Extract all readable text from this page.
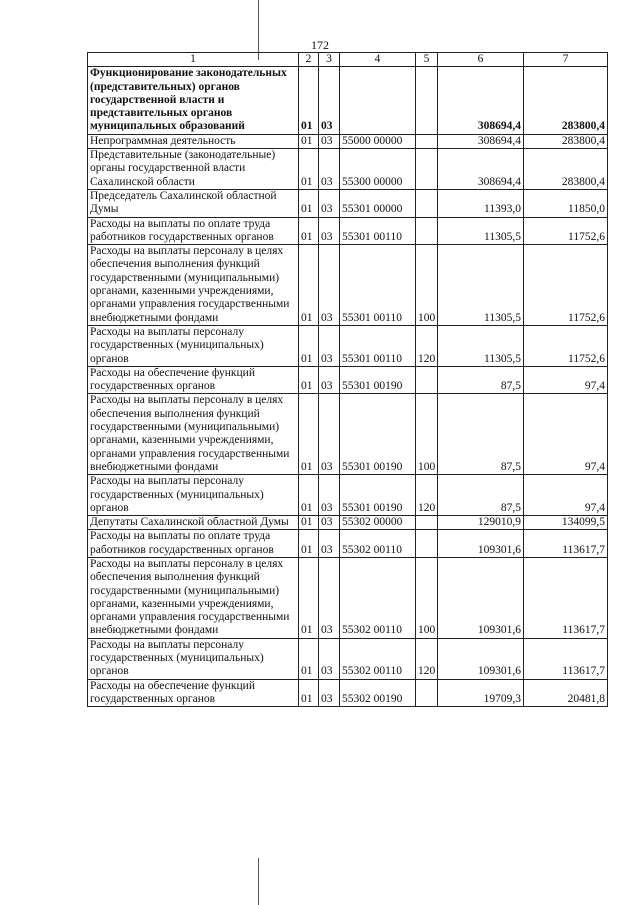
172
1	2	3	4	5	6	7
Функционирование законодательных (представительных) органов государственной власти и представительных органов муниципальных образований	01	03			308694,4	283800,4
Непрограммная деятельность	01	03	55000 00000		308694,4	283800,4
Представительные (законодательные) органы государственной власти Сахалинской области	01	03	55300 00000		308694,4	283800,4
Председатель Сахалинской областной Думы	01	03	55301 00000		11393,0	11850,0
Расходы на выплаты по оплате труда работников государственных органов	01	03	55301 00110		11305,5	11752,6
Расходы на выплаты персоналу в целях обеспечения выполнения функций государственными (муниципальными) органами, казенными учреждениями, органами управления государственными внебюджетными фондами	01	03	55301 00110	100	11305,5	11752,6
Расходы на выплаты персоналу государственных (муниципальных) органов	01	03	55301 00110	120	11305,5	11752,6
Расходы на обеспечение функций государственных органов	01	03	55301 00190		87,5	97,4
Расходы на выплаты персоналу в целях обеспечения выполнения функций государственными (муниципальными) органами, казенными учреждениями, органами управления государственными внебюджетными фондами	01	03	55301 00190	100	87,5	97,4
Расходы на выплаты персоналу государственных (муниципальных) органов	01	03	55301 00190	120	87,5	97,4
Депутаты Сахалинской областной Думы	01	03	55302 00000		129010,9	134099,5
Расходы на выплаты по оплате труда работников государственных органов	01	03	55302 00110		109301,6	113617,7
Расходы на выплаты персоналу в целях обеспечения выполнения функций государственными (муниципальными) органами, казенными учреждениями, органами управления государственными внебюджетными фондами	01	03	55302 00110	100	109301,6	113617,7
Расходы на выплаты персоналу государственных (муниципальных) органов	01	03	55302 00110	120	109301,6	113617,7
Расходы на обеспечение функций государственных органов	01	03	55302 00190		19709,3	20481,8
